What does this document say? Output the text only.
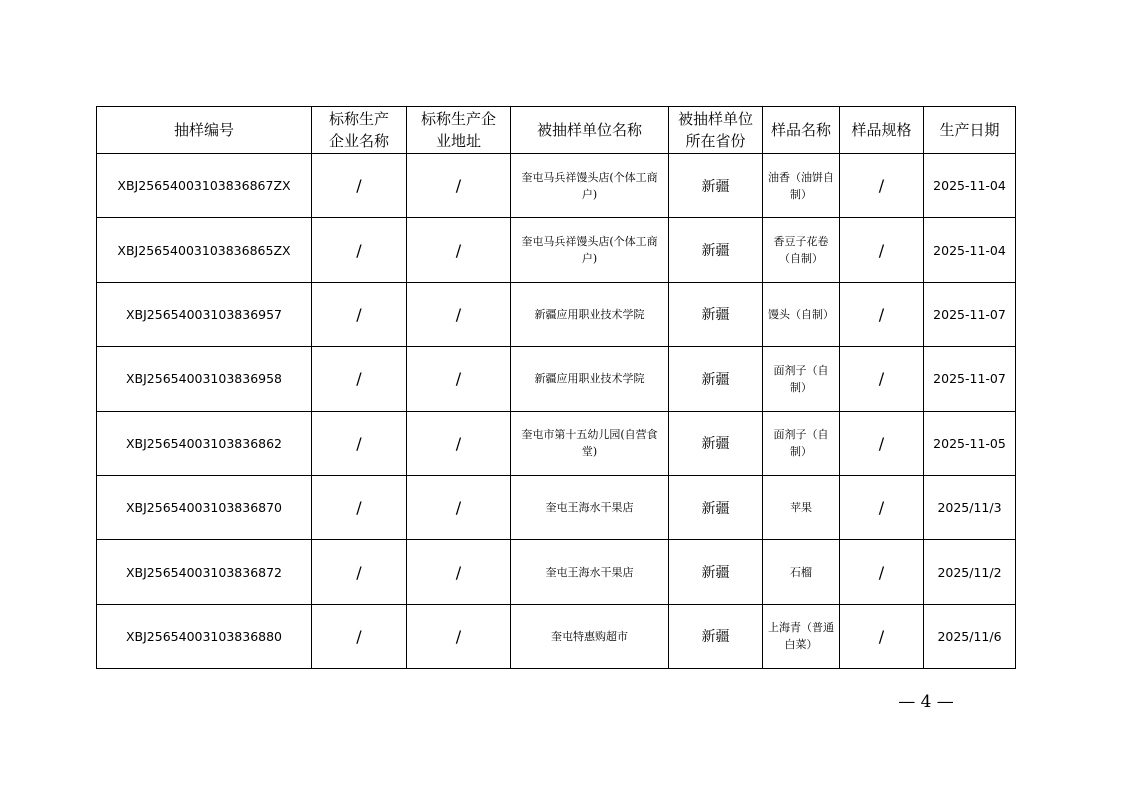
抽样编号	标称生产企业名称	标称生产企业地址	被抽样单位名称	被抽样单位所在省份	样品名称	样品规格	生产日期
XBJ25654003103836867ZX	/	/	奎屯马兵祥馒头店(个体工商户)	新疆	油香（油饼自制）	/	2025-11-04
XBJ25654003103836865ZX	/	/	奎屯马兵祥馒头店(个体工商户)	新疆	香豆子花卷（自制）	/	2025-11-04
XBJ25654003103836957	/	/	新疆应用职业技术学院	新疆	馒头（自制）	/	2025-11-07
XBJ25654003103836958	/	/	新疆应用职业技术学院	新疆	面剂子（自制）	/	2025-11-07
XBJ25654003103836862	/	/	奎屯市第十五幼儿园(自营食堂)	新疆	面剂子（自制）	/	2025-11-05
XBJ25654003103836870	/	/	奎屯王海水干果店	新疆	苹果	/	2025/11/3
XBJ25654003103836872	/	/	奎屯王海水干果店	新疆	石榴	/	2025/11/2
XBJ25654003103836880	/	/	奎屯特惠购超市	新疆	上海青（普通白菜）	/	2025/11/6
— 4 —
